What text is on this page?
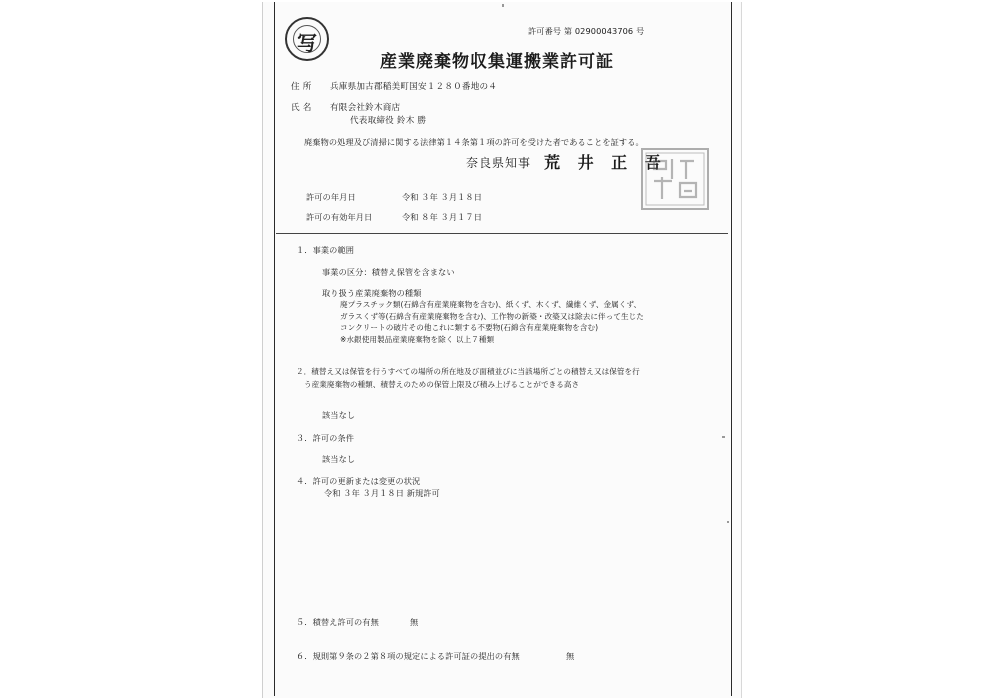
写	許可番号 第 02900043706 号
産業廃棄物収集運搬業許可証
住 所 兵庫県加古郡稲美町国安１２８０番地の４
氏 名 有限会社鈴木商店
代表取締役 鈴木 勝
廃棄物の処理及び清掃に関する法律第１４条第１項の許可を受けた者であることを証する。
奈良県知事 荒 井 正 吾
許可の年月日	令和 ３年 ３月１８日
許可の有効年月日	令和 ８年 ３月１７日
１．事業の範囲
事業の区分：積替え保管を含まない
取り扱う産業廃棄物の種類
廃プラスチック類(石綿含有産業廃棄物を含む)、紙くず、木くず、繊維くず、金属くず、
ガラスくず等(石綿含有産業廃棄物を含む)、工作物の新築・改築又は除去に伴って生じた
コンクリートの破片その他これに類する不要物(石綿含有産業廃棄物を含む)
※水銀使用製品産業廃棄物を除く 以上７種類
２．積替え又は保管を行うすべての場所の所在地及び面積並びに当該場所ごとの積替え又は保管を行
う産業廃棄物の種類、積替えのための保管上限及び積み上げることができる高さ
該当なし
３．許可の条件
該当なし
４．許可の更新または変更の状況
令和 ３年 ３月１８日 新規許可
５．積替え許可の有無	無
６．規則第９条の２第８項の規定による許可証の提出の有無	無
